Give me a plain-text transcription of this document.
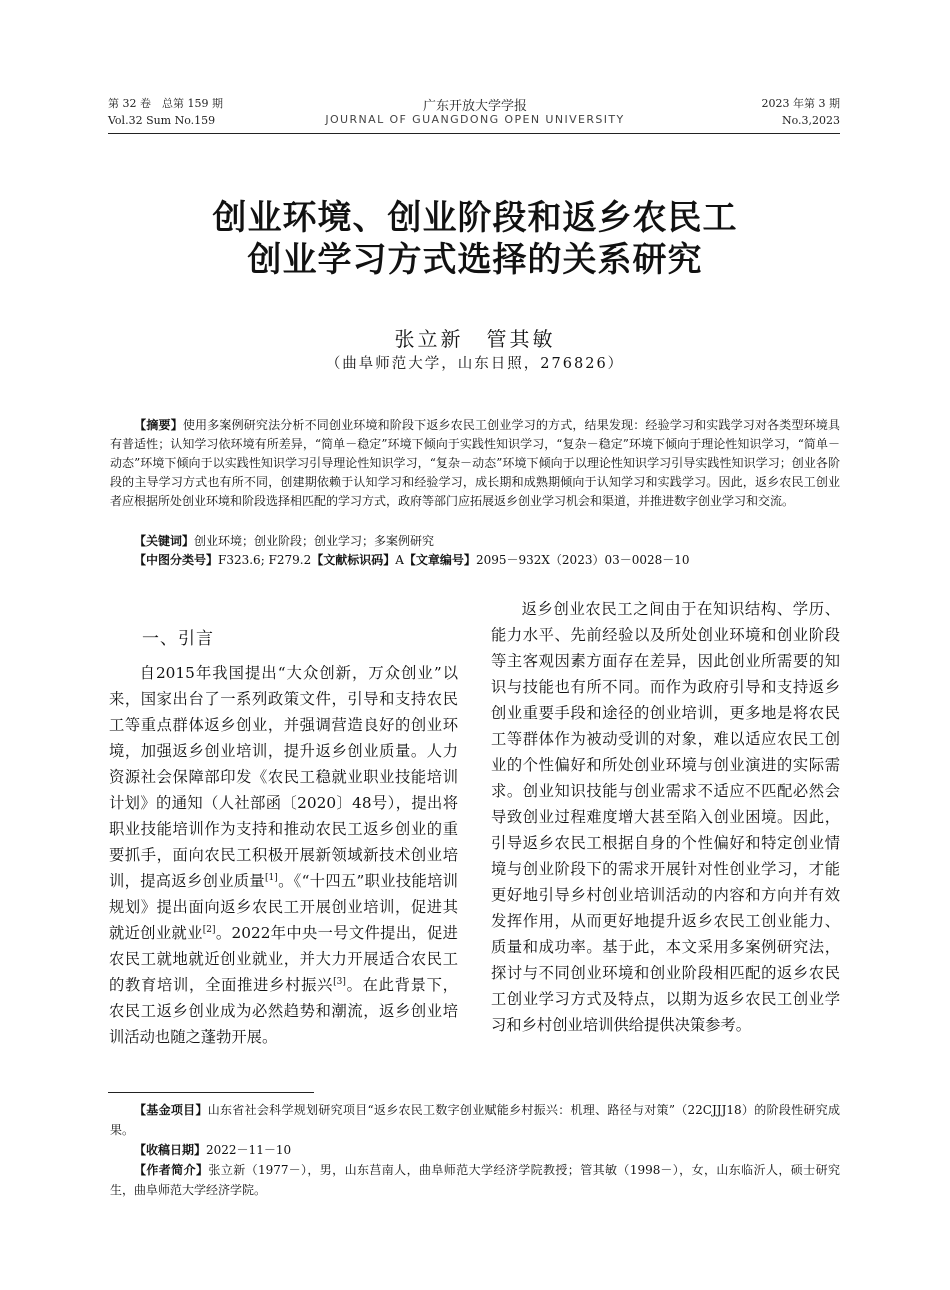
第 32 卷　总第 159 期
Vol.32 Sum No.159
广东开放大学学报
JOURNAL OF GUANGDONG OPEN UNIVERSITY
2023 年第 3 期
No.3,2023
创业环境、创业阶段和返乡农民工
创业学习方式选择的关系研究
张立新　管其敏
（曲阜师范大学，山东日照，276826）
【摘要】使用多案例研究法分析不同创业环境和阶段下返乡农民工创业学习的方式，结果发现：经验学习和实践学习对各类型环境具有普适性；认知学习依环境有所差异，“简单－稳定”环境下倾向于实践性知识学习，“复杂－稳定”环境下倾向于理论性知识学习，“简单－动态”环境下倾向于以实践性知识学习引导理论性知识学习，“复杂－动态”环境下倾向于以理论性知识学习引导实践性知识学习；创业各阶段的主导学习方式也有所不同，创建期依赖于认知学习和经验学习，成长期和成熟期倾向于认知学习和实践学习。因此，返乡农民工创业者应根据所处创业环境和阶段选择相匹配的学习方式，政府等部门应拓展返乡创业学习机会和渠道，并推进数字创业学习和交流。
【关键词】创业环境；创业阶段；创业学习；多案例研究
【中图分类号】F323.6; F279.2【文献标识码】A【文章编号】2095－932X（2023）03－0028－10
一、引言

自2015年我国提出“大众创新，万众创业”以来，国家出台了一系列政策文件，引导和支持农民工等重点群体返乡创业，并强调营造良好的创业环境，加强返乡创业培训，提升返乡创业质量。人力资源社会保障部印发《农民工稳就业职业技能培训计划》的通知（人社部函〔2020〕48号），提出将职业技能培训作为支持和推动农民工返乡创业的重要抓手，面向农民工积极开展新领域新技术创业培训，提高返乡创业质量[1]。《“十四五”职业技能培训规划》提出面向返乡农民工开展创业培训，促进其就近创业就业[2]。2022年中央一号文件提出，促进农民工就地就近创业就业，并大力开展适合农民工的教育培训，全面推进乡村振兴[3]。在此背景下，农民工返乡创业成为必然趋势和潮流，返乡创业培训活动也随之蓬勃开展。

返乡创业农民工之间由于在知识结构、学历、能力水平、先前经验以及所处创业环境和创业阶段等主客观因素方面存在差异，因此创业所需要的知识与技能也有所不同。而作为政府引导和支持返乡创业重要手段和途径的创业培训，更多地是将农民工等群体作为被动受训的对象，难以适应农民工创业的个性偏好和所处创业环境与创业演进的实际需求。创业知识技能与创业需求不适应不匹配必然会导致创业过程难度增大甚至陷入创业困境。因此，引导返乡农民工根据自身的个性偏好和特定创业情境与创业阶段下的需求开展针对性创业学习，才能更好地引导乡村创业培训活动的内容和方向并有效发挥作用，从而更好地提升返乡农民工创业能力、质量和成功率。基于此，本文采用多案例研究法，探讨与不同创业环境和创业阶段相匹配的返乡农民工创业学习方式及特点，以期为返乡农民工创业学习和乡村创业培训供给提供决策参考。

【基金项目】山东省社会科学规划研究项目“返乡农民工数字创业赋能乡村振兴：机理、路径与对策”（22CJJJ18）的阶段性研究成果。

【收稿日期】2022－11－10

【作者简介】张立新（1977－），男，山东莒南人，曲阜师范大学经济学院教授；管其敏（1998－），女，山东临沂人，硕士研究生，曲阜师范大学经济学院。
